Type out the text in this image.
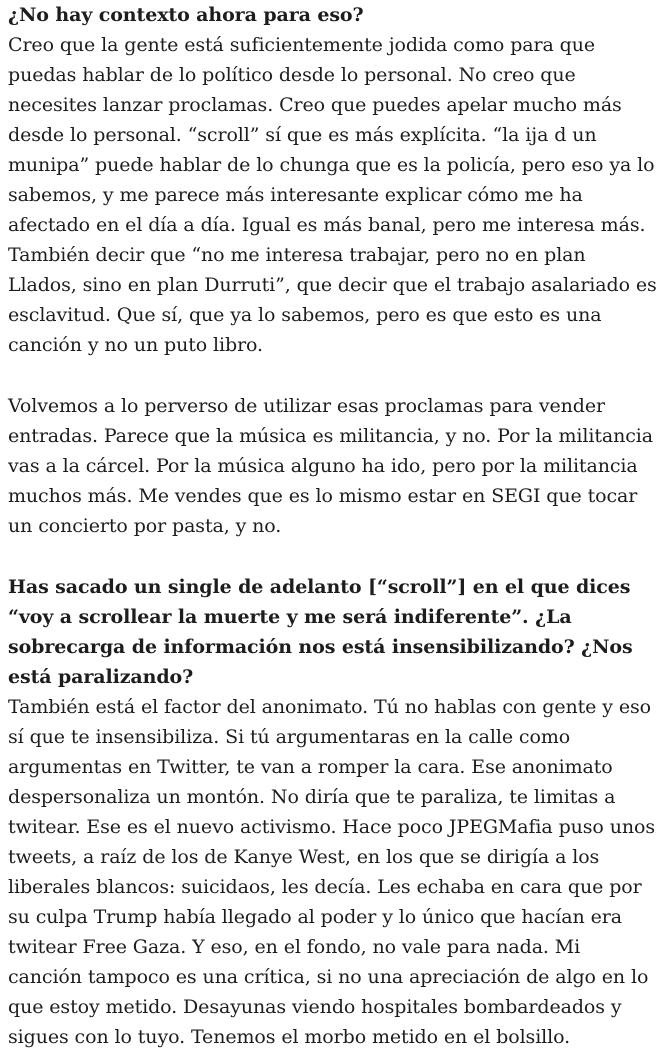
¿No hay contexto ahora para eso?

Creo que la gente está suficientemente jodida como para que puedas hablar de lo político desde lo personal. No creo que necesites lanzar proclamas. Creo que puedes apelar mucho más desde lo personal. “scroll” sí que es más explícita. “la ija d un munipa” puede hablar de lo chunga que es la policía, pero eso ya lo sabemos, y me parece más interesante explicar cómo me ha afectado en el día a día. Igual es más banal, pero me interesa más. También decir que “no me interesa trabajar, pero no en plan Llados, sino en plan Durruti”, que decir que el trabajo asalariado es esclavitud. Que sí, que ya lo sabemos, pero es que esto es una canción y no un puto libro.

Volvemos a lo perverso de utilizar esas proclamas para vender entradas. Parece que la música es militancia, y no. Por la militancia vas a la cárcel. Por la música alguno ha ido, pero por la militancia muchos más. Me vendes que es lo mismo estar en SEGI que tocar un concierto por pasta, y no.

Has sacado un single de adelanto [“scroll”] en el que dices “voy a scrollear la muerte y me será indiferente”. ¿La sobrecarga de información nos está insensibilizando? ¿Nos está paralizando?

También está el factor del anonimato. Tú no hablas con gente y eso sí que te insensibiliza. Si tú argumentaras en la calle como argumentas en Twitter, te van a romper la cara. Ese anonimato despersonaliza un montón. No diría que te paraliza, te limitas a twitear. Ese es el nuevo activismo. Hace poco JPEGMafia puso unos tweets, a raíz de los de Kanye West, en los que se dirigía a los liberales blancos: suicidaos, les decía. Les echaba en cara que por su culpa Trump había llegado al poder y lo único que hacían era twitear Free Gaza. Y eso, en el fondo, no vale para nada. Mi canción tampoco es una crítica, si no una apreciación de algo en lo que estoy metido. Desayunas viendo hospitales bombardeados y sigues con lo tuyo. Tenemos el morbo metido en el bolsillo.
